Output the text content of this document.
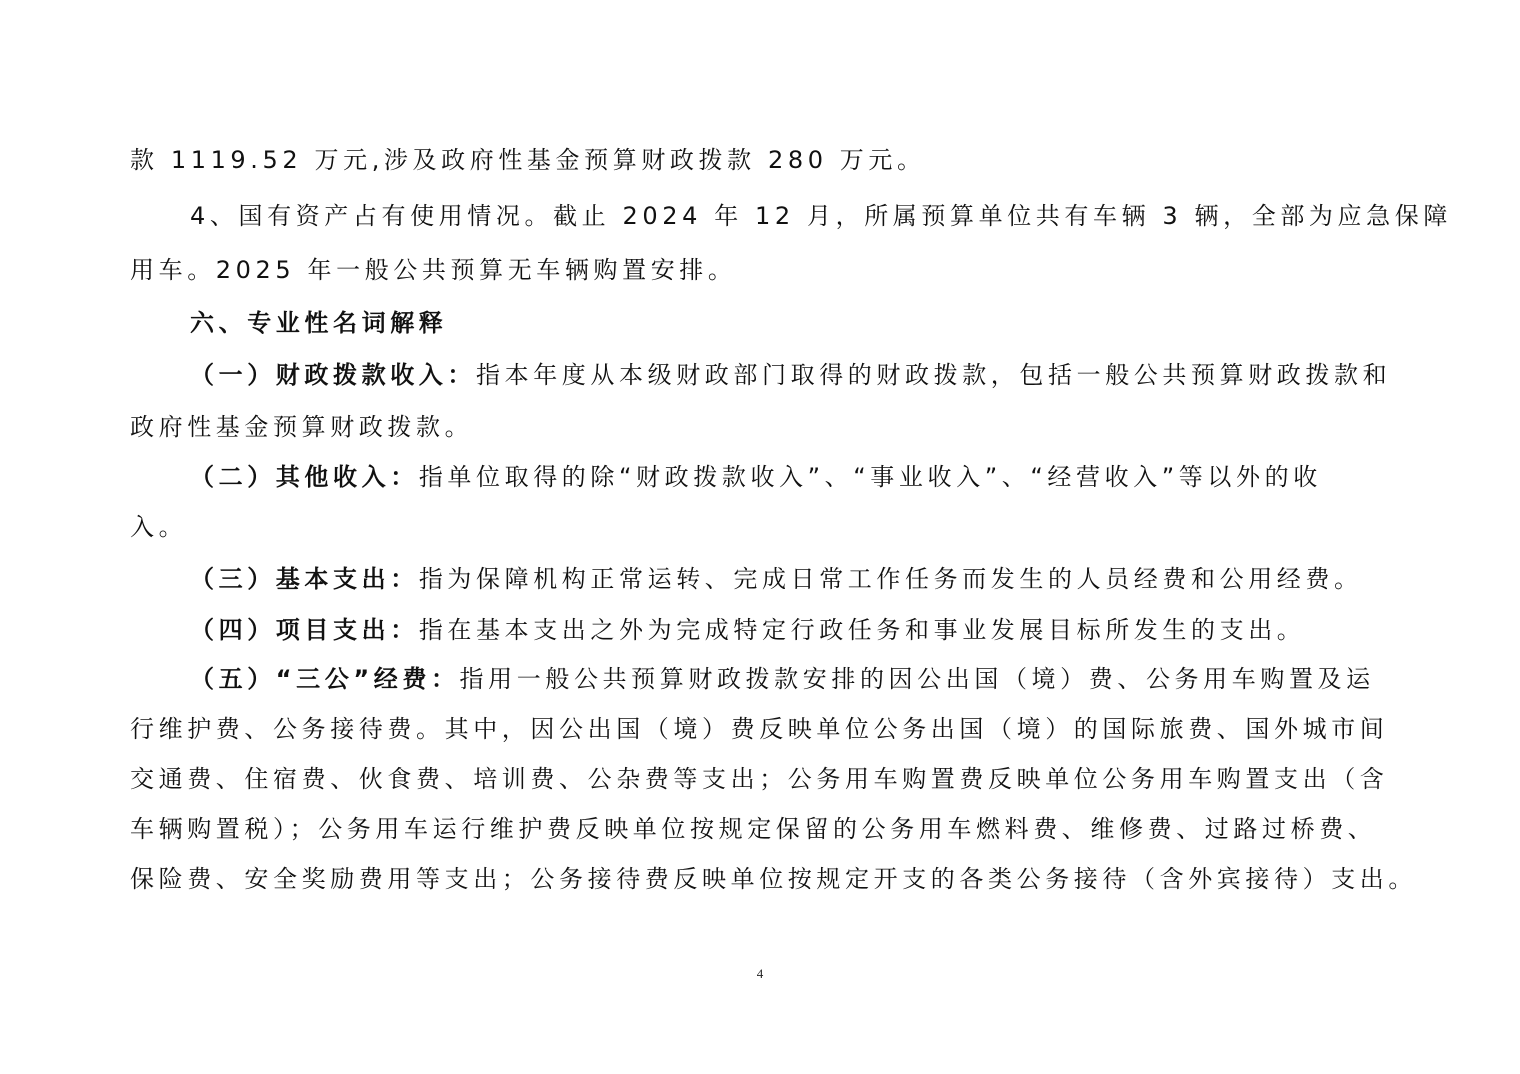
款 1119.52 万元,涉及政府性基金预算财政拨款 280 万元。
4、国有资产占有使用情况。截止 2024 年 12 月，所属预算单位共有车辆 3 辆，全部为应急保障
用车。2025 年一般公共预算无车辆购置安排。
六、专业性名词解释
（一）财政拨款收入：指本年度从本级财政部门取得的财政拨款，包括一般公共预算财政拨款和
政府性基金预算财政拨款。
（二）其他收入：指单位取得的除“财政拨款收入”、“事业收入”、“经营收入”等以外的收
入。
（三）基本支出：指为保障机构正常运转、完成日常工作任务而发生的人员经费和公用经费。
（四）项目支出：指在基本支出之外为完成特定行政任务和事业发展目标所发生的支出。
（五）“三公”经费：指用一般公共预算财政拨款安排的因公出国（境）费、公务用车购置及运
行维护费、公务接待费。其中，因公出国（境）费反映单位公务出国（境）的国际旅费、国外城市间
交通费、住宿费、伙食费、培训费、公杂费等支出；公务用车购置费反映单位公务用车购置支出（含
车辆购置税）；公务用车运行维护费反映单位按规定保留的公务用车燃料费、维修费、过路过桥费、
保险费、安全奖励费用等支出；公务接待费反映单位按规定开支的各类公务接待（含外宾接待）支出。
4
